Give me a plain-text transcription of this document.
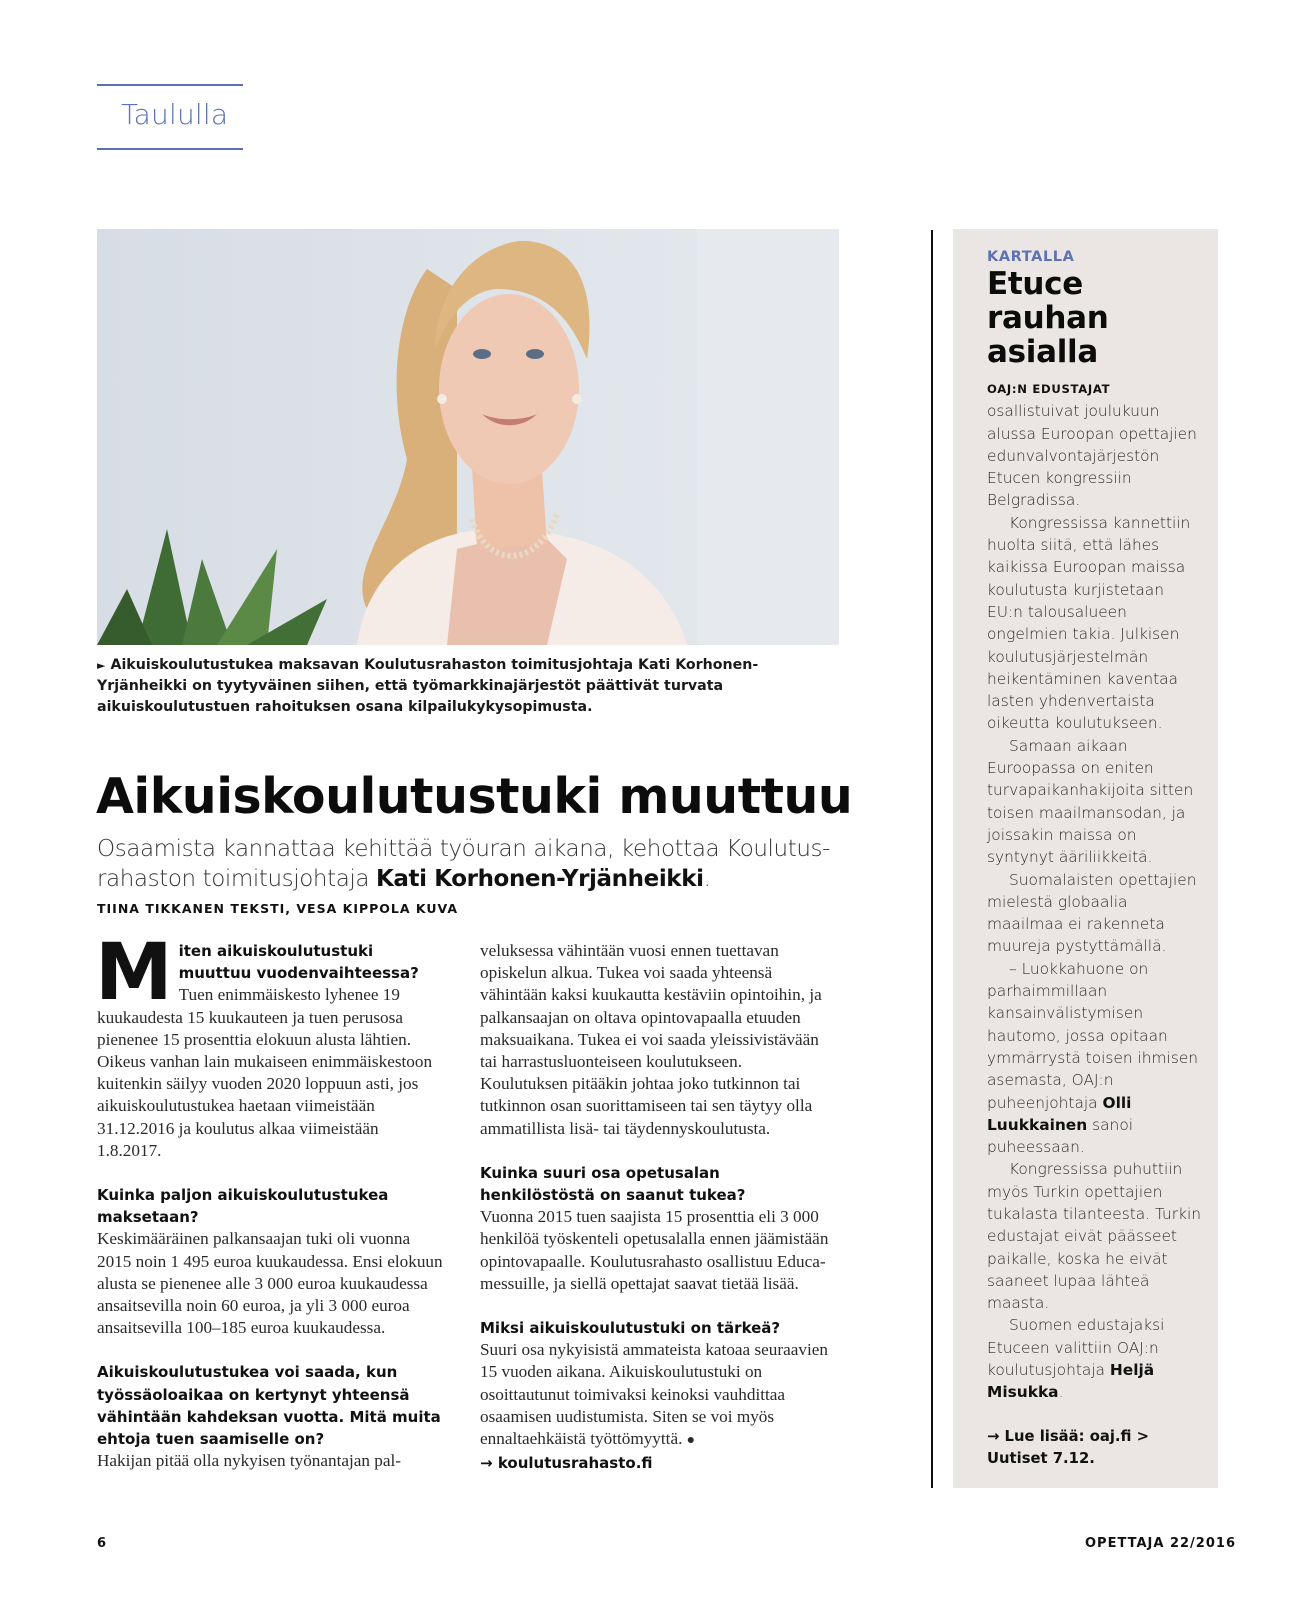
Taululla
► Aikuiskoulutustukea maksavan Koulutusrahaston toimitusjohtaja Kati Korhonen-Yrjänheikki on tyytyväinen siihen, että työmarkkinajärjestöt päättivät turvata aikuiskoulutustuen rahoituksen osana kilpailukykysopimusta.
Aikuiskoulutustuki muuttuu
Osaamista kannattaa kehittää työuran aikana, kehottaa Koulutus-rahaston toimitusjohtaja Kati Korhonen-Yrjänheikki.
TIINA TIKKANEN TEKSTI, VESA KIPPOLA KUVA
M iten aikuiskoulutustuki muuttuu vuodenvaihteessa?

Tuen enimmäiskesto lyhenee 19 kuukaudesta 15 kuukauteen ja tuen perusosa pienenee 15 prosenttia elokuun alusta lähtien. Oikeus vanhan lain mukaiseen enimmäiskestoon kuitenkin säilyy vuoden 2020 loppuun asti, jos aikuiskoulutustukea haetaan viimeistään 31.12.2016 ja koulutus alkaa viimeistään 1.8.2017.

Kuinka paljon aikuiskoulutustukea maksetaan?

Keskimääräinen palkansaajan tuki oli vuonna 2015 noin 1 495 euroa kuukaudessa. Ensi elokuun alusta se pienenee alle 3 000 euroa kuukaudessa ansaitsevilla noin 60 euroa, ja yli 3 000 euroa ansaitsevilla 100–185 euroa kuukaudessa.

Aikuiskoulutustukea voi saada, kun työssäoloaikaa on kertynyt yhteensä vähintään kahdeksan vuotta. Mitä muita ehtoja tuen saamiselle on?

Hakijan pitää olla nykyisen työnantajan pal-

veluksessa vähintään vuosi ennen tuettavan opiskelun alkua. Tukea voi saada yhteensä vähintään kaksi kuukautta kestäviin opintoihin, ja palkansaajan on oltava opintovapaalla etuuden maksuaikana. Tukea ei voi saada yleissivistävään tai harrastusluonteiseen koulutukseen. Koulutuksen pitääkin johtaa joko tutkinnon tai tutkinnon osan suorittamiseen tai sen täytyy olla ammatillista lisä- tai täydennyskoulutusta.

Kuinka suuri osa opetusalan henkilöstöstä on saanut tukea?

Vuonna 2015 tuen saajista 15 prosenttia eli 3 000 henkilöä työskenteli opetusalalla ennen jäämistään opintovapaalle. Koulutusrahasto osallistuu Educa-messuille, ja siellä opettajat saavat tietää lisää.

Miksi aikuiskoulutustuki on tärkeä?

Suuri osa nykyisistä ammateista katoaa seuraavien 15 vuoden aikana. Aikuiskoulutustuki on osoittautunut toimivaksi keinoksi vauhdittaa osaamisen uudistumista. Siten se voi myös ennaltaehkäistä työttömyyttä. ●

→ koulutusrahasto.fi
KARTALLA
Etuce
rauhan
asialla

OAJ:N EDUSTAJAT osallistuivat joulukuun alussa Euroopan opettajien edunvalvontajärjestön Etucen kongressiin Belgradissa.

Kongressissa kannettiin huolta siitä, että lähes kaikissa Euroopan maissa koulutusta kurjistetaan EU:n talousalueen ongelmien takia. Julkisen koulutusjärjestelmän heikentäminen kaventaa lasten yhdenvertaista oikeutta koulutukseen.

Samaan aikaan Euroopassa on eniten turvapaikanhakijoita sitten toisen maailmansodan, ja joissakin maissa on syntynyt ääriliikkeitä.

Suomalaisten opettajien mielestä globaalia maailmaa ei rakenneta muureja pystyttämällä.

– Luokkahuone on parhaimmillaan kansainvälistymisen hautomo, jossa opitaan ymmärrystä toisen ihmisen asemasta, OAJ:n puheenjohtaja Olli Luukkainen sanoi puheessaan.

Kongressissa puhuttiin myös Turkin opettajien tukalasta tilanteesta. Turkin edustajat eivät päässeet paikalle, koska he eivät saaneet lupaa lähteä maasta.

Suomen edustajaksi Etuceen valittiin OAJ:n koulutusjohtaja Heljä Misukka.

→ Lue lisää: oaj.fi >
Uutiset 7.12.
6	OPETTAJA 22/2016
